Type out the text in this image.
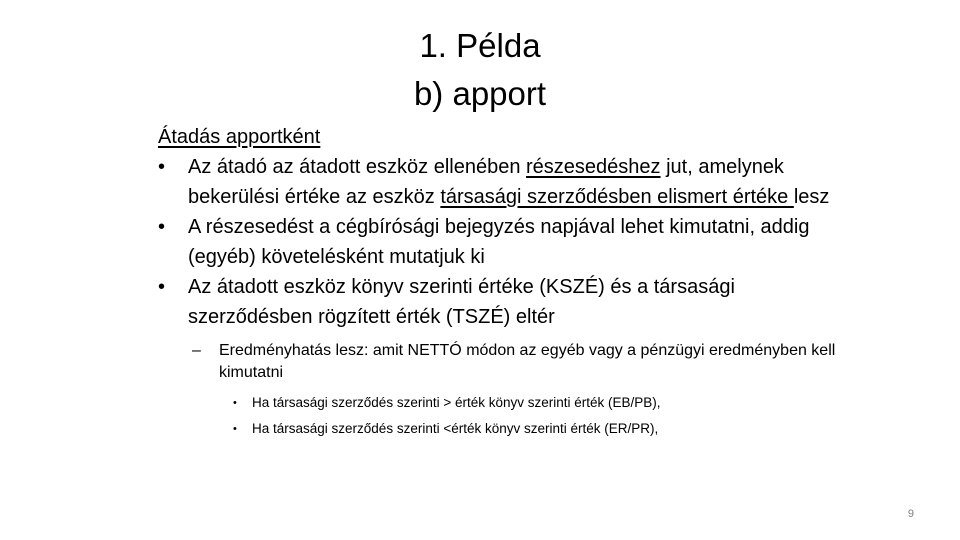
1. Példa
b) apport
Átadás apportként
•	Az átadó az átadott eszköz ellenében részesedéshez jut, amelynek bekerülési értéke az eszköz társasági szerződésben elismert értéke lesz
•	A részesedést a cégbírósági bejegyzés napjával lehet kimutatni, addig (egyéb) követelésként mutatjuk ki
•	Az átadott eszköz könyv szerinti értéke (KSZÉ) és a társasági szerződésben rögzített érték (TSZÉ) eltér
– Eredményhatás lesz: amit NETTÓ módon az egyéb vagy a pénzügyi eredményben kell kimutatni
• Ha társasági szerződés szerinti > érték könyv szerinti érték (EB/PB),
• Ha társasági szerződés szerinti <érték könyv szerinti érték (ER/PR),
9
